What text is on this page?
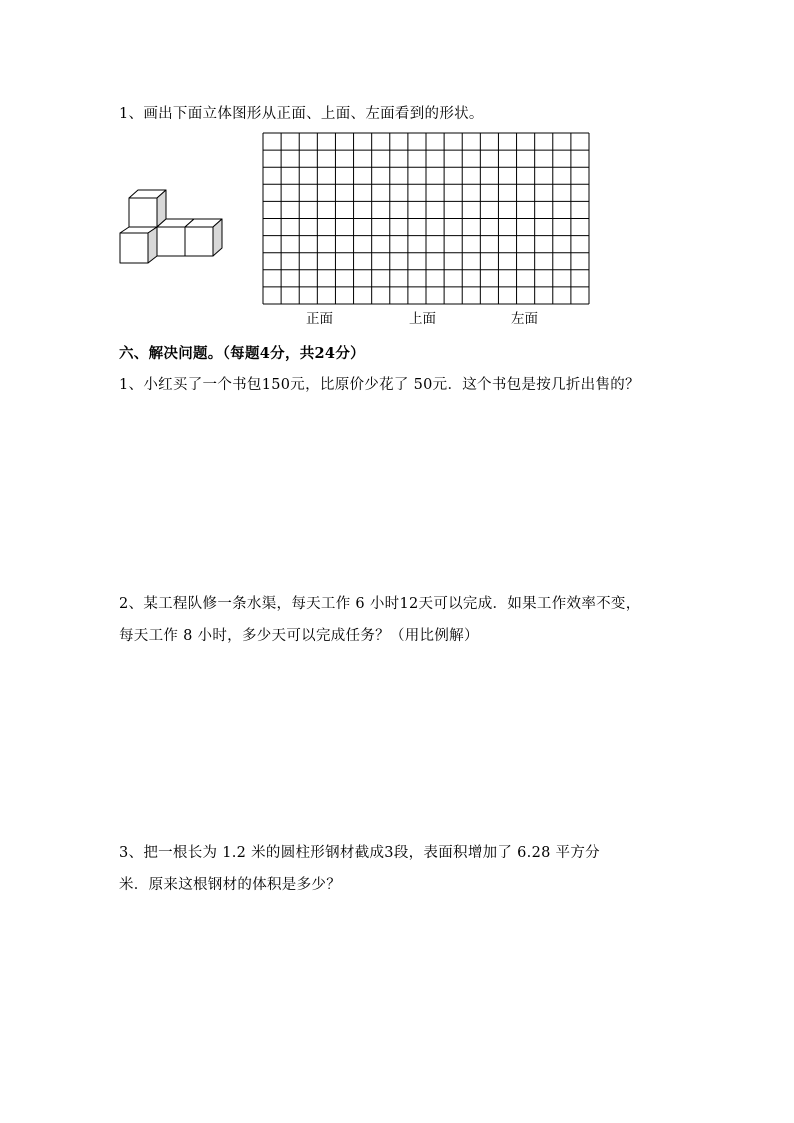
1、画出下面立体图形从正面、上面、左面看到的形状。
正面	上面	左面
六、解决问题。（每题4分，共24分）
1、小红买了一个书包150元，比原价少花了 50元．这个书包是按几折出售的？
2、某工程队修一条水渠，每天工作 6 小时12天可以完成．如果工作效率不变，
每天工作 8 小时，多少天可以完成任务？（用比例解）
3、把一根长为 1.2 米的圆柱形钢材截成3段，表面积增加了 6.28 平方分
米．原来这根钢材的体积是多少？
